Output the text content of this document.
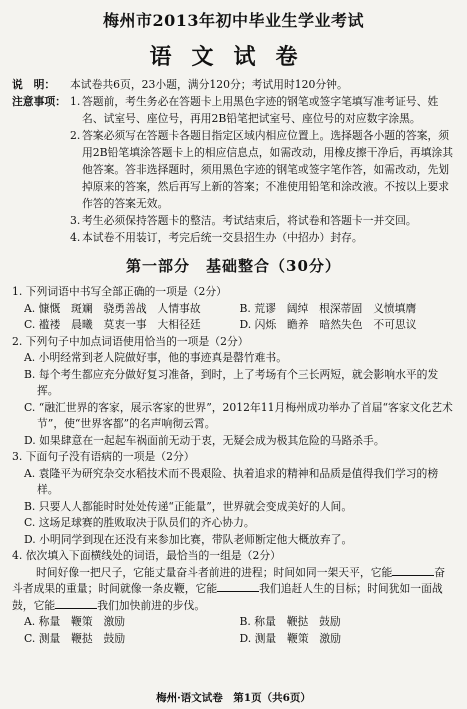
梅州市2013年初中毕业生学业考试
语文试卷
说　明：	本试卷共6页，23小题，满分120分；考试用时120分钟。
注意事项： 1. 答题前，考生务必在答题卡上用黑色字迹的钢笔或签字笔填写准考证号、姓名、试室号、座位号，再用2B铅笔把试室号、座位号的对应数字涂黑。
2. 答案必须写在答题卡各题目指定区域内相应位置上。选择题各小题的答案，须用2B铅笔填涂答题卡上的相应信息点，如需改动，用橡皮擦干净后，再填涂其他答案。答非选择题时，须用黑色字迹的钢笔或签字笔作答，如需改动，先划掉原来的答案，然后再写上新的答案；不准使用铅笔和涂改液。不按以上要求作答的答案无效。
3. 考生必须保持答题卡的整洁。考试结束后，将试卷和答题卡一并交回。
4. 本试卷不用装订，考完后统一交县招生办（中招办）封存。
第一部分　基础整合（30分）
1. 下列词语中书写全部正确的一项是（2分）
A. 慷慨　斑斓　骁勇善战　人情事故	B. 荒谬　阔绰　根深蒂固　义愤填膺
C. 褴褛　晨曦　莫衷一事　大相径廷	D. 闪烁　瞻养　暗然失色　不可思议
2. 下列句子中加点词语使用恰当的一项是（2分）
A. 小明经常到老人院做好事，他的事迹真是罄竹难书。
B. 每个考生都应充分做好复习准备，到时，上了考场有个三长两短，就会影响水平的发挥。
C. “融汇世界的客家，展示客家的世界”，2012年11月梅州成功举办了首届“客家文化艺术节”，使“世界客都”的名声响彻云霄。
D. 如果肆意在一起起车祸面前无动于衷，无疑会成为极其危险的马路杀手。
3. 下面句子没有语病的一项是（2分）
A. 袁隆平为研究杂交水稻技术而不畏艰险、执着追求的精神和品质是值得我们学习的榜样。
B. 只要人人都能时时处处传递“正能量”，世界就会变成美好的人间。
C. 这场足球赛的胜败取决于队员们的齐心协力。
D. 小明同学到现在还没有来参加比赛，带队老师断定他大概放弃了。
4. 依次填入下面横线处的词语，最恰当的一组是（2分）
时间好像一把尺子，它能丈量奋斗者前进的进程；时间如同一架天平，它能	奋斗者成果的重量；时间就像一条皮鞭，它能	我们追赶人生的目标；时间犹如一面战鼓，它能	我们加快前进的步伐。
A. 称量　鞭策　激励	B. 称量　鞭挞　鼓励
C. 测量　鞭挞　鼓励	D. 测量　鞭策　激励
梅州·语文试卷　第1页（共6页）
